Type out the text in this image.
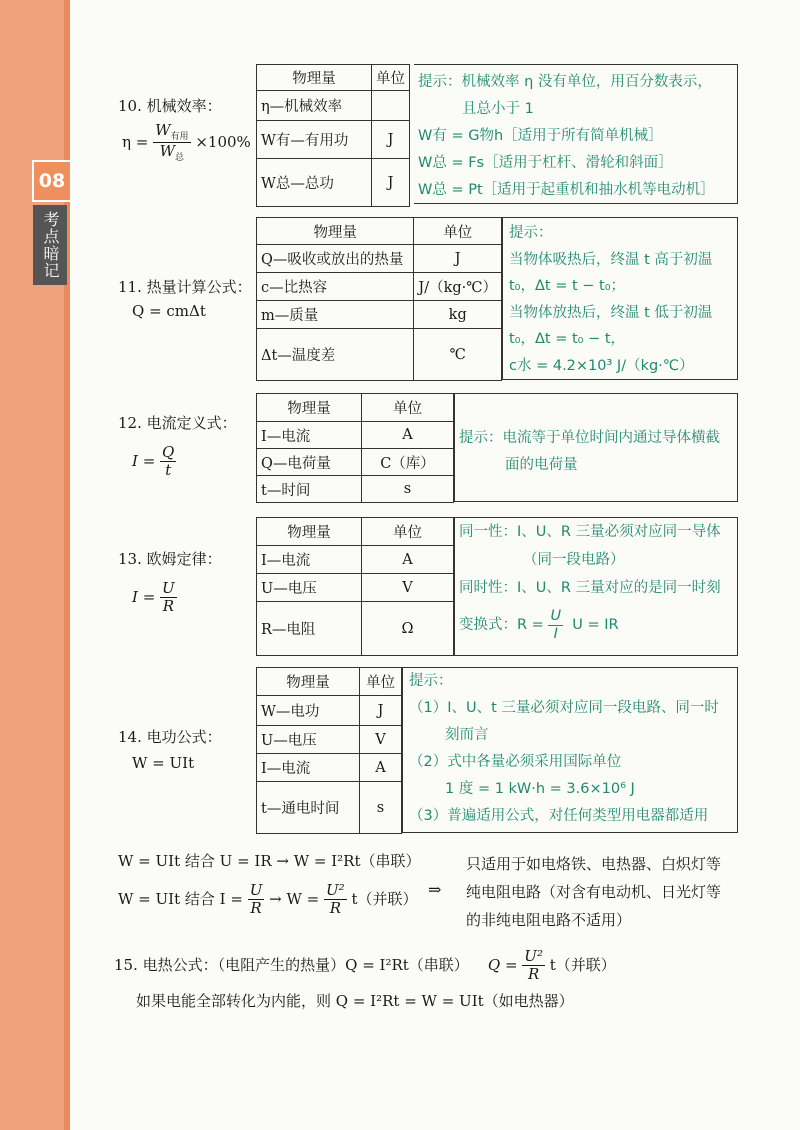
08
考点暗记
10. 机械效率：
$\eta = \frac{W_{有用}}{W_总} \times 100\%$
物理量	单位
η—机械效率	
W有—有用功	J
W总—总功	J
提示：机械效率 η 没有单位，用百分数表示，
且总小于 1
W有 = G物h［适用于所有简单机械］
W总 = Fs［适用于杠杆、滑轮和斜面］
W总 = Pt［适用于起重机和抽水机等电动机］
11. 热量计算公式：
Q = cmΔt
物理量	单位
Q—吸收或放出的热量	J
c—比热容	J/（kg·℃）
m—质量	kg
Δt—温度差	℃
提示：
当物体吸热后，终温 t 高于初温
t₀，Δt = t − t₀；
当物体放热后，终温 t 低于初温
t₀，Δt = t₀ − t，
c水 = 4.2×10³ J/（kg·℃）
12. 电流定义式：
$I = \frac{Q}{t}$
物理量	单位
I—电流	A
Q—电荷量	C（库）
t—时间	s
提示：电流等于单位时间内通过导体横截
面的电荷量
13. 欧姆定律：
$I = \frac{U}{R}$
物理量	单位
I—电流	A
U—电压	V
R—电阻	Ω
同一性：I、U、R 三量必须对应同一导体
（同一段电路）
同时性：I、U、R 三量对应的是同一时刻
变换式：$R = \frac{U}{I}$ U = IR
14. 电功公式：
W = UIt
物理量	单位
W—电功	J
U—电压	V
I—电流	A
t—通电时间	s
提示：
（1）I、U、t 三量必须对应同一段电路、同一时
刻而言
（2）式中各量必须采用国际单位
1 度 = 1 kW·h = 3.6×10⁶ J
（3）普遍适用公式，对任何类型用电器都适用
W = UIt 结合 U = IR → W = I²Rt（串联）
W = UIt 结合 $I = \frac{U}{R} \to W = \frac{\text{U²}}{R} t$（并联） ⇒
只适用于如电烙铁、电热器、白炽灯等
纯电阻电路（对含有电动机、日光灯等
的非纯电阻电路不适用）
15. 电热公式：（电阻产生的热量）Q = I²Rt（串联） $Q = \frac{\text{U²}}{R} t$（并联）
如果电能全部转化为内能，则 Q = I²Rt = W = UIt（如电热器）
